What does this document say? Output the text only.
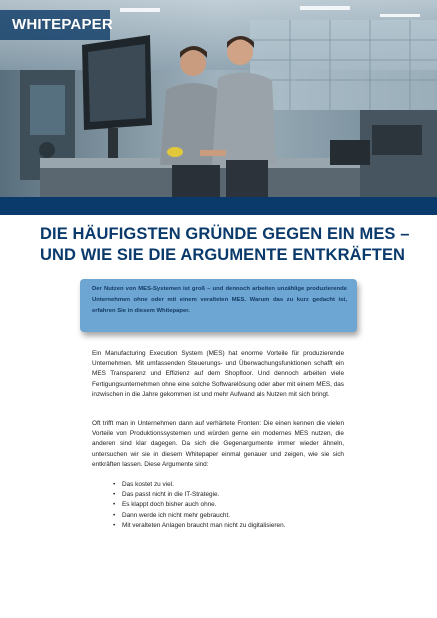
WHITEPAPER
DIE HÄUFIGSTEN GRÜNDE GEGEN EIN MES –
UND WIE SIE DIE ARGUMENTE ENTKRÄFTEN
Der Nutzen von MES-Systemen ist groß – und dennoch arbeiten unzählige produzierende Unternehmen ohne oder mit einem veralteten MES. Warum das zu kurz gedacht ist, erfahren Sie in diesem Whitepaper.

Ein Manufacturing Execution System (MES) hat enorme Vorteile für produzierende Unternehmen. Mit umfassenden Steuerungs- und Überwachungsfunktionen schafft ein MES Transparenz und Effizienz auf dem Shopfloor. Und dennoch arbeiten viele Fertigungsunternehmen ohne eine solche Softwarelösung oder aber mit einem MES, das inzwischen in die Jahre gekommen ist und mehr Aufwand als Nutzen mit sich bringt.

Oft trifft man in Unternehmen dann auf verhärtete Fronten: Die einen kennen die vielen Vorteile von Produktionssystemen und würden gerne ein modernes MES nutzen, die anderen sind klar dagegen. Da sich die Gegenargumente immer wieder ähneln, untersuchen wir sie in diesem Whitepaper einmal genauer und zeigen, wie sie sich entkräften lassen. Diese Argumente sind:

• Das kostet zu viel.
• Das passt nicht in die IT-Strategie.
• Es klappt doch bisher auch ohne.
• Dann werde ich nicht mehr gebraucht.
• Mit veralteten Anlagen braucht man nicht zu digitalisieren.
